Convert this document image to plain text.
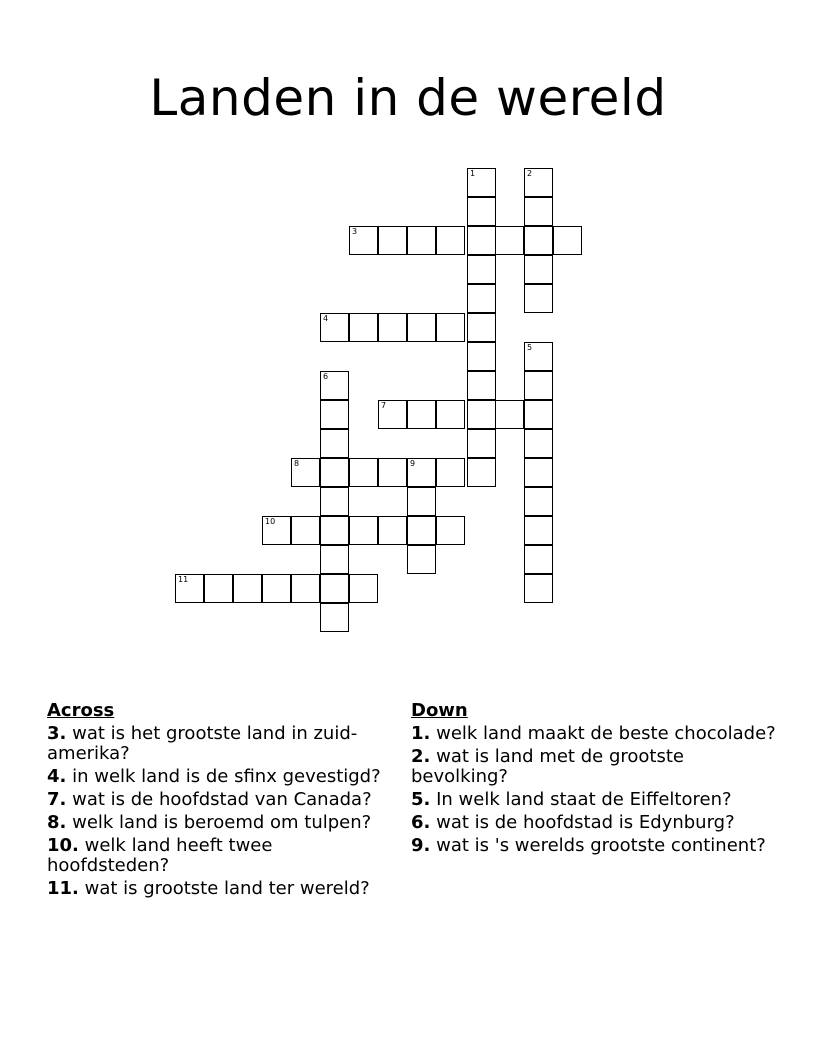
Landen in de wereld
1	2
3
4
5
7
6
8	9
10
11
Across
3. wat is het grootste land in zuid-amerika?
4. in welk land is de sfinx gevestigd?
7. wat is de hoofdstad van Canada?
8. welk land is beroemd om tulpen?
10. welk land heeft twee hoofdsteden?
11. wat is grootste land ter wereld?
Down
1. welk land maakt de beste chocolade?
2. wat is land met de grootste bevolking?
5. In welk land staat de Eiffeltoren?
6. wat is de hoofdstad is Edynburg?
9. wat is 's werelds grootste continent?
